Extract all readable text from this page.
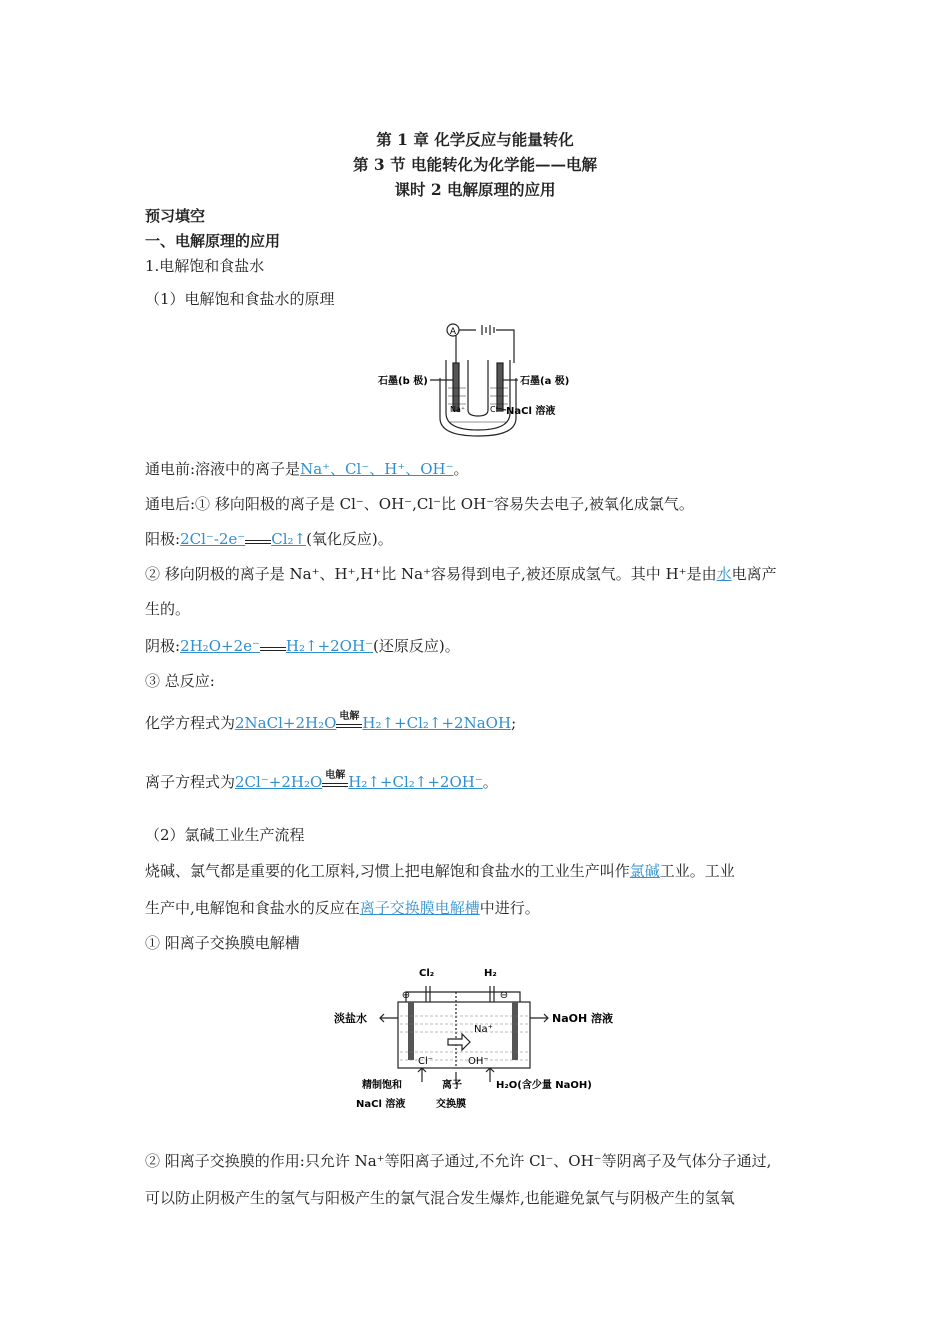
第 1 章 化学反应与能量转化
第 3 节 电能转化为化学能——电解
课时 2 电解原理的应用
预习填空
一、电解原理的应用
1.电解饱和食盐水
（1）电解饱和食盐水的原理
A
石墨(b 极)	石墨(a 极)
Na⁺	Cl⁻ NaCl 溶液
通电前:溶液中的离子是Na⁺、Cl⁻、H⁺、OH⁻。
通电后:① 移向阳极的离子是 Cl⁻、OH⁻,Cl⁻比 OH⁻容易失去电子,被氧化成氯气。
阳极:2Cl⁻-2e⁻ Cl₂↑(氧化反应)。
② 移向阴极的离子是 Na⁺、H⁺,H⁺比 Na⁺容易得到电子,被还原成氢气。其中 H⁺是由水电离产
生的。
阴极:2H₂O+2e⁻ H₂↑+2OH⁻(还原反应)。
③ 总反应:
化学方程式为2NaCl+2H₂O 电解 H₂↑+Cl₂↑+2NaOH;
离子方程式为2Cl⁻+2H₂O 电解 H₂↑+Cl₂↑+2OH⁻。
（2）氯碱工业生产流程
烧碱、氯气都是重要的化工原料,习惯上把电解饱和食盐水的工业生产叫作氯碱工业。工业
生产中,电解饱和食盐水的反应在离子交换膜电解槽中进行。
① 阳离子交换膜电解槽
Cl₂	H₂
⊕	⊖
淡盐水	NaOH 溶液
Na⁺
Cl⁻	OH⁻
精制饱和
NaCl 溶液
离子
交换膜
H₂O(含少量 NaOH)
② 阳离子交换膜的作用:只允许 Na⁺等阳离子通过,不允许 Cl⁻、OH⁻等阴离子及气体分子通过,
可以防止阴极产生的氢气与阳极产生的氯气混合发生爆炸,也能避免氯气与阴极产生的氢氧
